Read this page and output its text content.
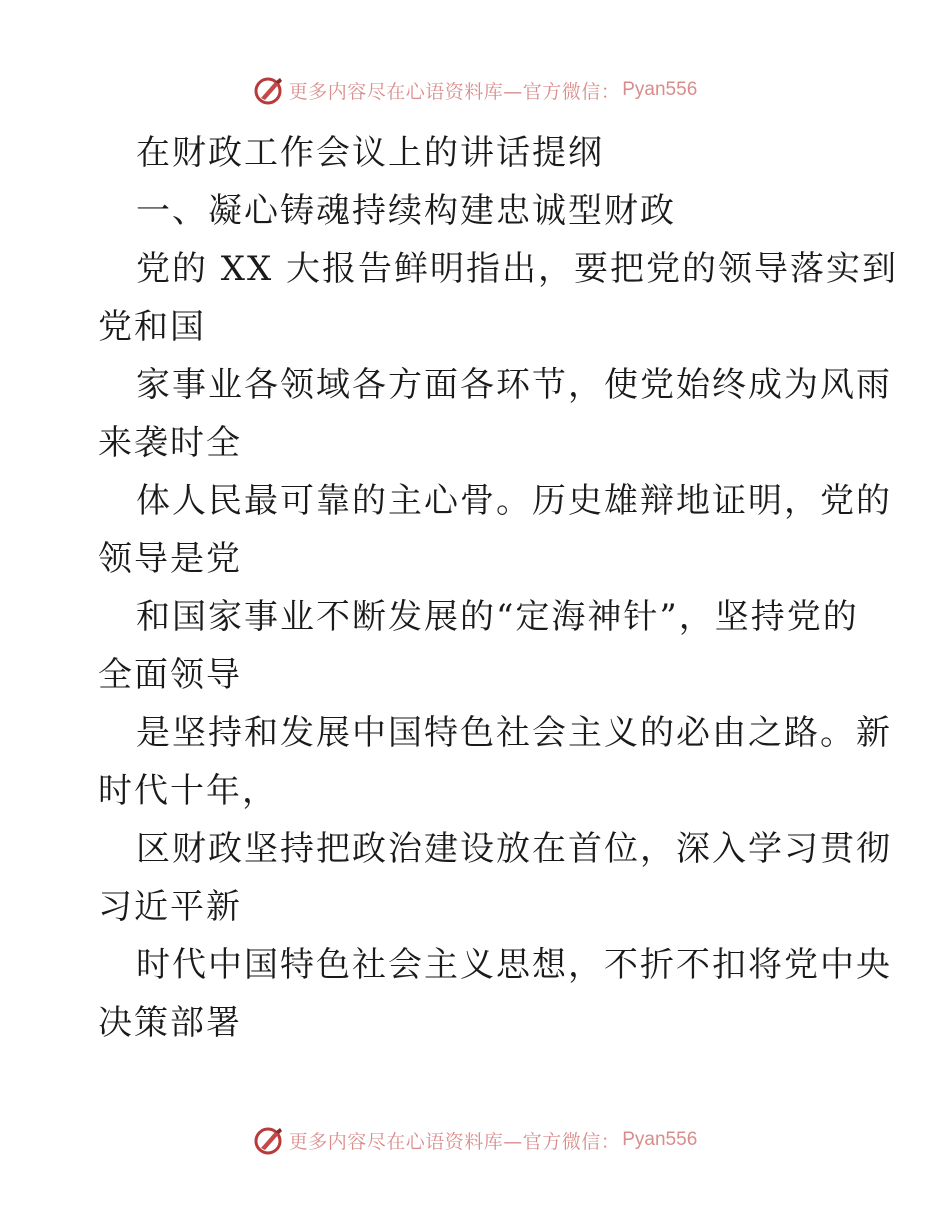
更多内容尽在心语资料库—官方微信： Pyan556
在财政工作会议上的讲话提纲
一、凝心铸魂持续构建忠诚型财政
党的 XX 大报告鲜明指出，要把党的领导落实到
党和国
家事业各领域各方面各环节，使党始终成为风雨
来袭时全
体人民最可靠的主心骨。历史雄辩地证明，党的
领导是党
和国家事业不断发展的“定海神针”，坚持党的
全面领导
是坚持和发展中国特色社会主义的必由之路。新
时代十年，
区财政坚持把政治建设放在首位，深入学习贯彻
习近平新
时代中国特色社会主义思想，不折不扣将党中央
决策部署
更多内容尽在心语资料库—官方微信： Pyan556
